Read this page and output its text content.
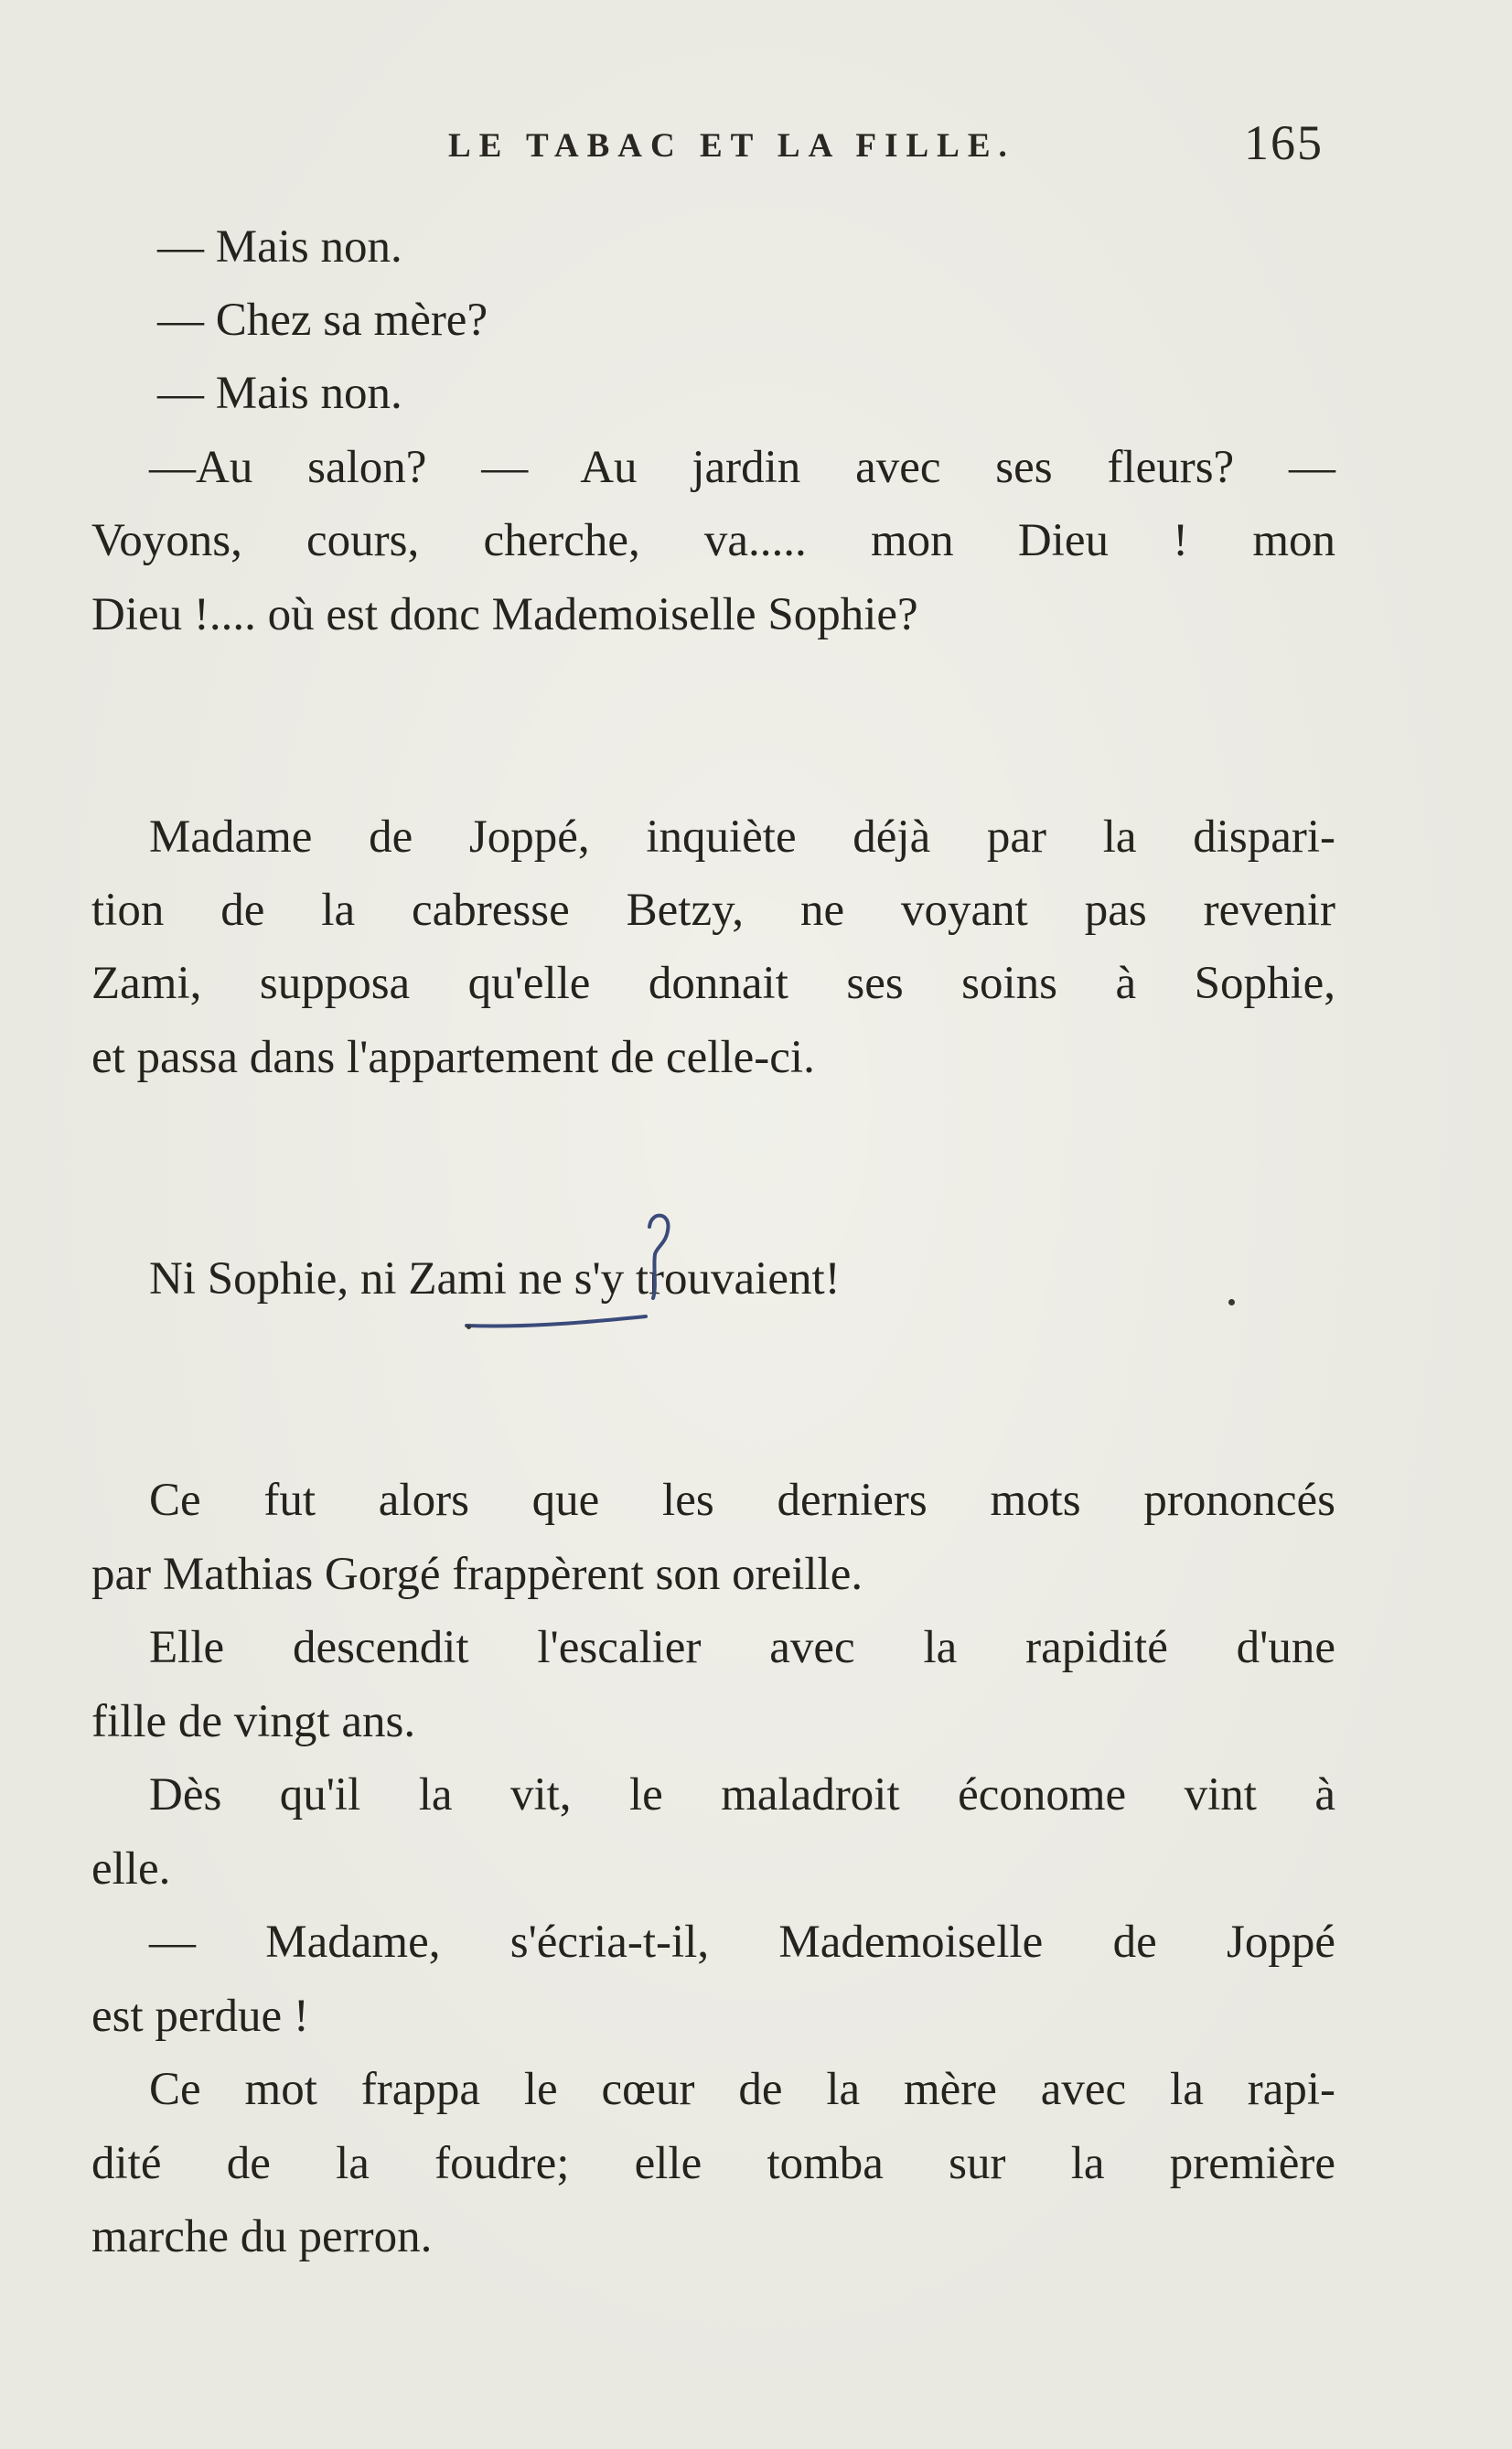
LE TABAC ET LA FILLE.	165
— Mais non.
— Chez sa mère?
— Mais non.
—Au salon? — Au jardin avec ses fleurs? —
Voyons, cours, cherche, va..... mon Dieu ! mon
Dieu !.... où est donc Mademoiselle Sophie?
Madame de Joppé, inquiète déjà par la dispari-
tion de la cabresse Betzy, ne voyant pas revenir
Zami, supposa qu'elle donnait ses soins à Sophie,
et passa dans l'appartement de celle-ci.
Ni Sophie, ni Zami ne s'y trouvaient!
Ce fut alors que les derniers mots prononcés
par Mathias Gorgé frappèrent son oreille.
Elle descendit l'escalier avec la rapidité d'une
fille de vingt ans.
Dès qu'il la vit, le maladroit économe vint à
elle.
— Madame, s'écria-t-il, Mademoiselle de Joppé
est perdue !
Ce mot frappa le cœur de la mère avec la rapi-
dité de la foudre; elle tomba sur la première
marche du perron.
